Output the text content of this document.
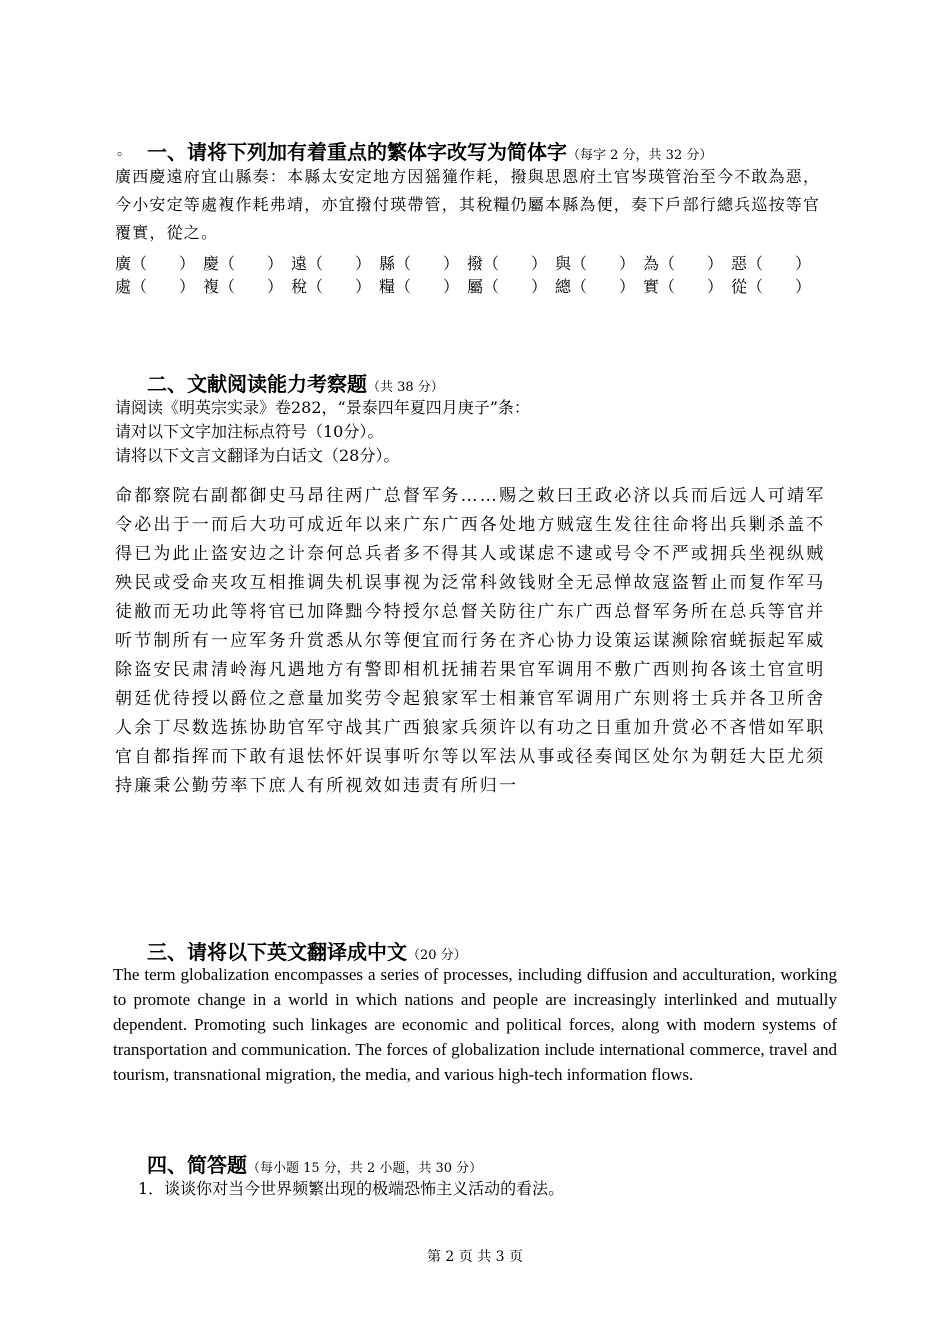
一、请将下列加有着重点的繁体字改写为简体字（每字 2 分，共 32 分）
。
廣西慶遠府宜山縣奏：本縣太安定地方因猺獞作耗，撥與思恩府土官岑瑛管治至今不敢為惡，今小安定等處複作耗弗靖，亦宜撥付瑛帶管，其稅糧仍屬本縣為便，奏下戶部行總兵巡按等官覆實，從之。
廣（　　） 慶（　　） 遠（　　） 縣（　　） 撥（　　） 與（　　） 為（　　） 惡（　　）
處（　　） 複（　　） 稅（　　） 糧（　　） 屬（　　） 總（　　） 實（　　） 從（　　）
二、文献阅读能力考察题（共 38 分）
请阅读《明英宗实录》卷282，“景泰四年夏四月庚子”条：
请对以下文字加注标点符号（10分）。
请将以下文言文翻译为白话文（28分）。
命都察院右副都御史马昂往两广总督军务……赐之敕曰王政必济以兵而后远人可靖军令必出于一而后大功可成近年以来广东广西各处地方贼寇生发往往命将出兵剿杀盖不得已为此止盗安边之计奈何总兵者多不得其人或谋虑不逮或号令不严或拥兵坐视纵贼殃民或受命夹攻互相推调失机误事视为泛常科敛钱财全无忌惮故寇盗暂止而复作军马徒敝而无功此等将官已加降黜今特授尔总督关防往广东广西总督军务所在总兵等官并听节制所有一应军务升赏悉从尔等便宜而行务在齐心协力设策运谋濒除宿蜣振起军威除盗安民肃清岭海凡遇地方有警即相机抚捕若果官军调用不敷广西则拘各该土官宣明朝廷优待授以爵位之意量加奖劳令起狼家军士相兼官军调用广东则将士兵并各卫所舍人余丁尽数选拣协助官军守战其广西狼家兵须许以有功之日重加升赏必不吝惜如军职官自都指挥而下敢有退怯怀奸误事听尔等以军法从事或径奏闻区处尔为朝廷大臣尤须持廉秉公勤劳率下庶人有所视效如违责有所归一
三、请将以下英文翻译成中文（20 分）
The term globalization encompasses a series of processes, including diffusion and acculturation, working to promote change in a world in which nations and people are increasingly interlinked and mutually dependent. Promoting such linkages are economic and political forces, along with modern systems of transportation and communication. The forces of globalization include international commerce, travel and tourism, transnational migration, the media, and various high-tech information flows.
四、简答题（每小题 15 分，共 2 小题，共 30 分）
1．谈谈你对当今世界频繁出现的极端恐怖主义活动的看法。
第 2 页 共 3 页
